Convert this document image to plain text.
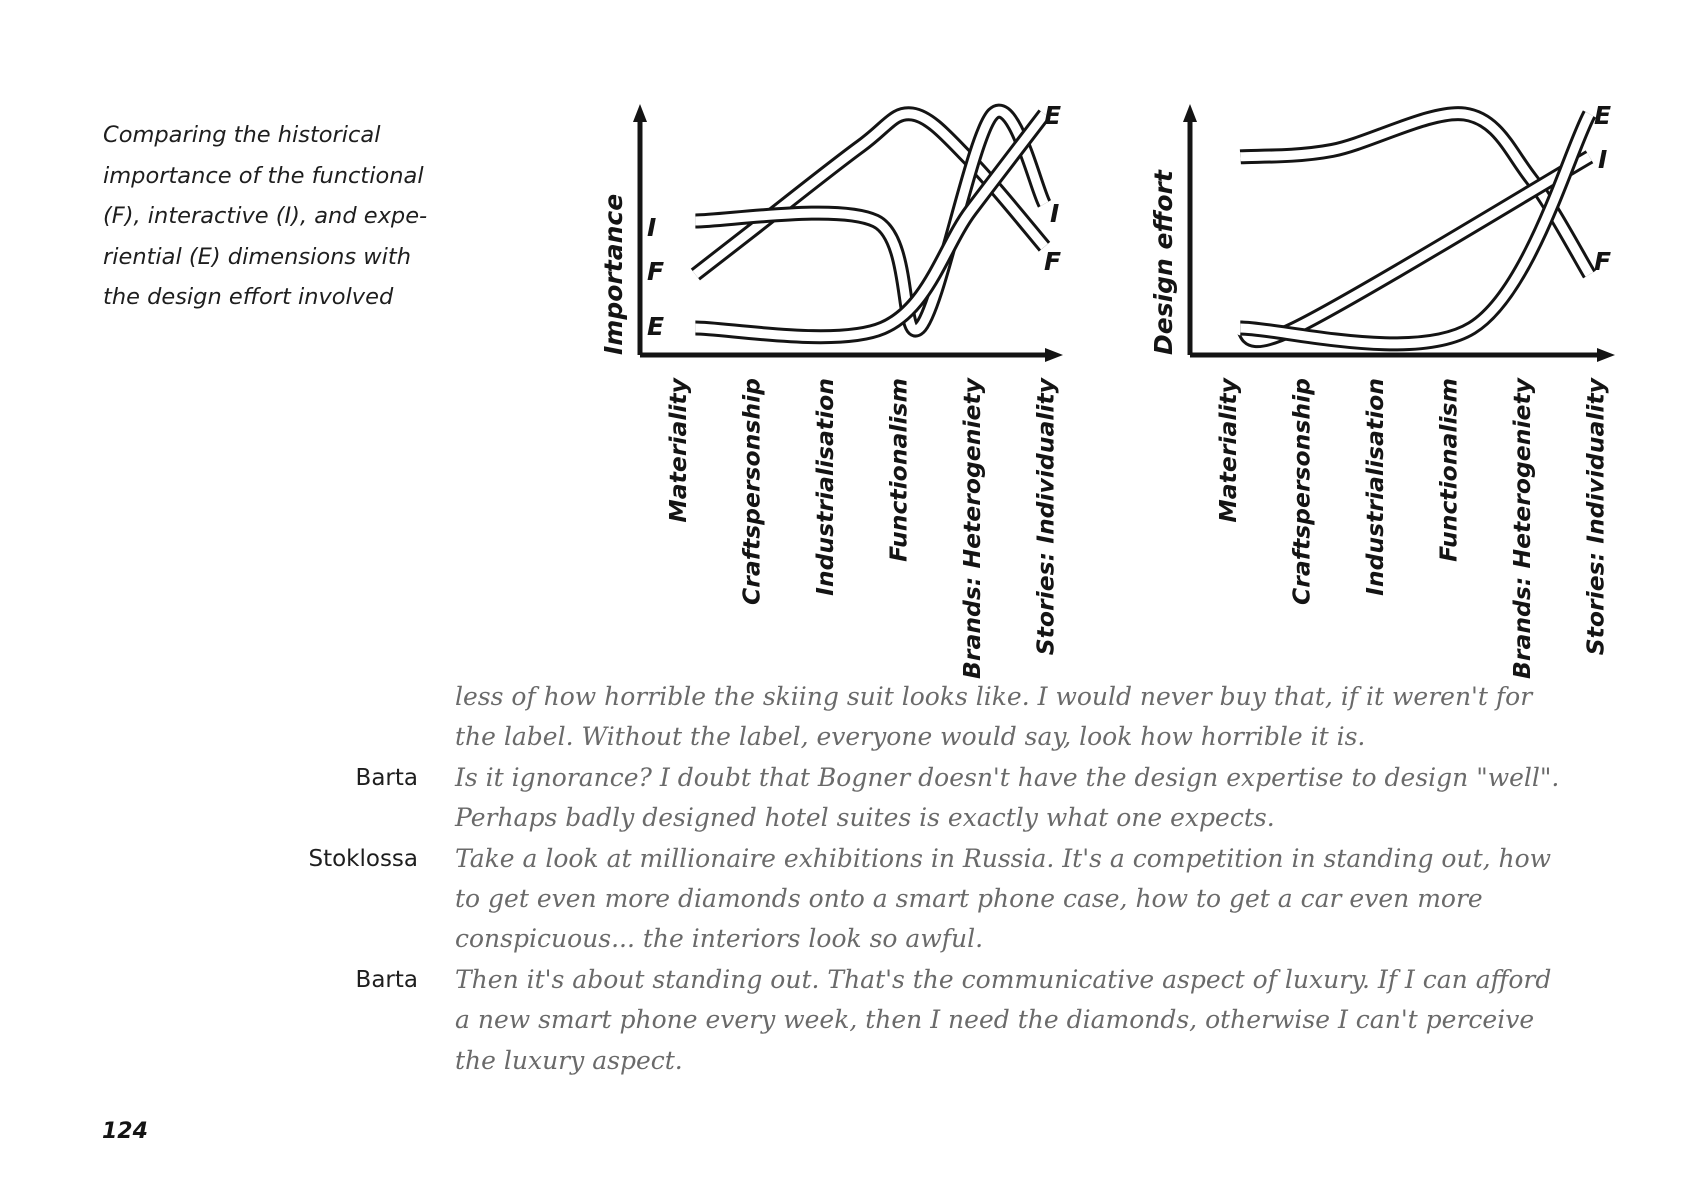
Comparing the historical
importance of the functional
(F), interactive (I), and expe-
riential (E) dimensions with
the design effort involved	Importance
Materiality Craftspersonship Industrialisation Functionalism Brands: Heterogeniety Stories: Individuality
F
F
I
I
E
E	Design effort
Materiality Craftspersonship Industrialisation Functionalism Brands: Heterogeniety Stories: Individuality
F
I
E
less of how horrible the skiing suit looks like. I would never buy that, if it weren't for
the label. Without the label, everyone would say, look how horrible it is.
Barta Is it ignorance? I doubt that Bogner doesn't have the design expertise to design "well".
Perhaps badly designed hotel suites is exactly what one expects.
Stoklossa Take a look at millionaire exhibitions in Russia. It's a competition in standing out, how
to get even more diamonds onto a smart phone case, how to get a car even more
conspicuous... the interiors look so awful.
Barta Then it's about standing out. That's the communicative aspect of luxury. If I can afford
a new smart phone every week, then I need the diamonds, otherwise I can't perceive
the luxury aspect.
124
